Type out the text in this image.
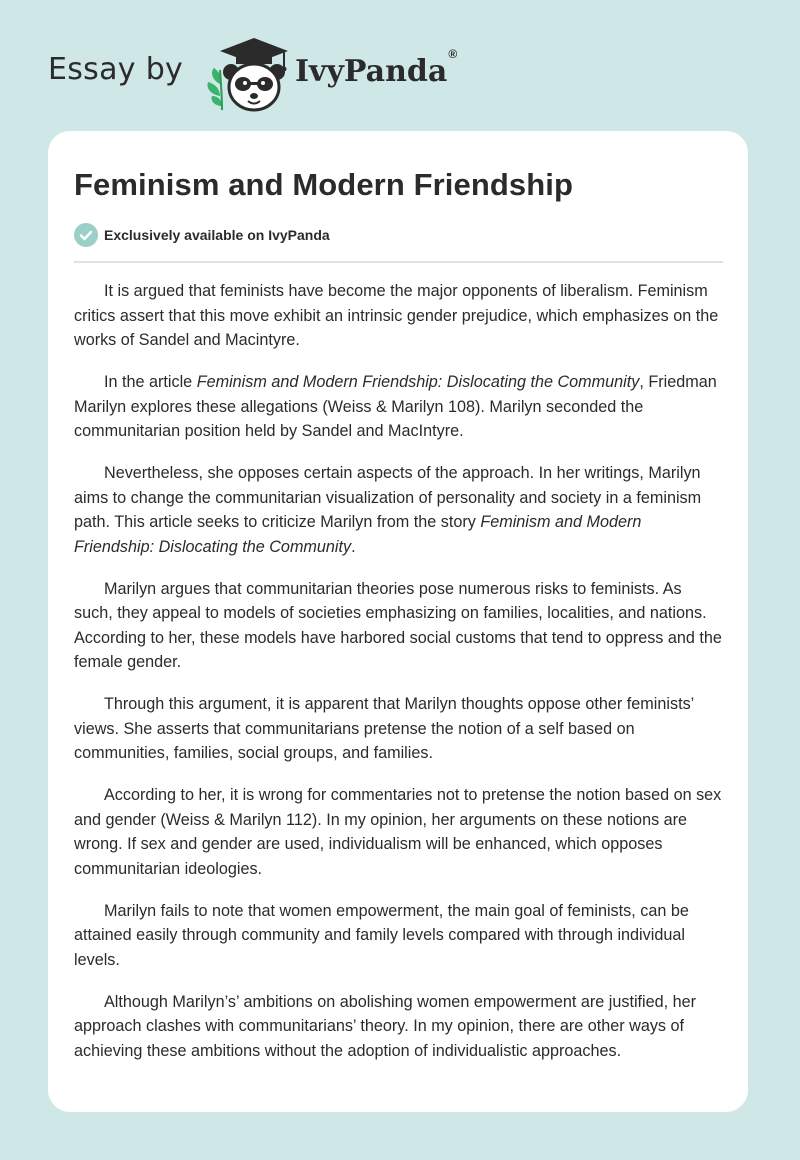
Essay by	IvyPanda®
Feminism and Modern Friendship
Exclusively available on IvyPanda

It is argued that feminists have become the major opponents of liberalism. Feminism critics assert that this move exhibit an intrinsic gender prejudice, which emphasizes on the works of Sandel and Macintyre.

In the article Feminism and Modern Friendship: Dislocating the Community, Friedman Marilyn explores these allegations (Weiss & Marilyn 108). Marilyn seconded the communitarian position held by Sandel and MacIntyre.

Nevertheless, she opposes certain aspects of the approach. In her writings, Marilyn aims to change the communitarian visualization of personality and society in a feminism path. This article seeks to criticize Marilyn from the story Feminism and Modern Friendship: Dislocating the Community.

Marilyn argues that communitarian theories pose numerous risks to feminists. As such, they appeal to models of societies emphasizing on families, localities, and nations. According to her, these models have harbored social customs that tend to oppress and the female gender.

Through this argument, it is apparent that Marilyn thoughts oppose other feminists’ views. She asserts that communitarians pretense the notion of a self based on communities, families, social groups, and families.

According to her, it is wrong for commentaries not to pretense the notion based on sex and gender (Weiss & Marilyn 112). In my opinion, her arguments on these notions are wrong. If sex and gender are used, individualism will be enhanced, which opposes communitarian ideologies.

Marilyn fails to note that women empowerment, the main goal of feminists, can be attained easily through community and family levels compared with through individual levels.

Although Marilyn’s’ ambitions on abolishing women empowerment are justified, her approach clashes with communitarians’ theory. In my opinion, there are other ways of achieving these ambitions without the adoption of individualistic approaches.
